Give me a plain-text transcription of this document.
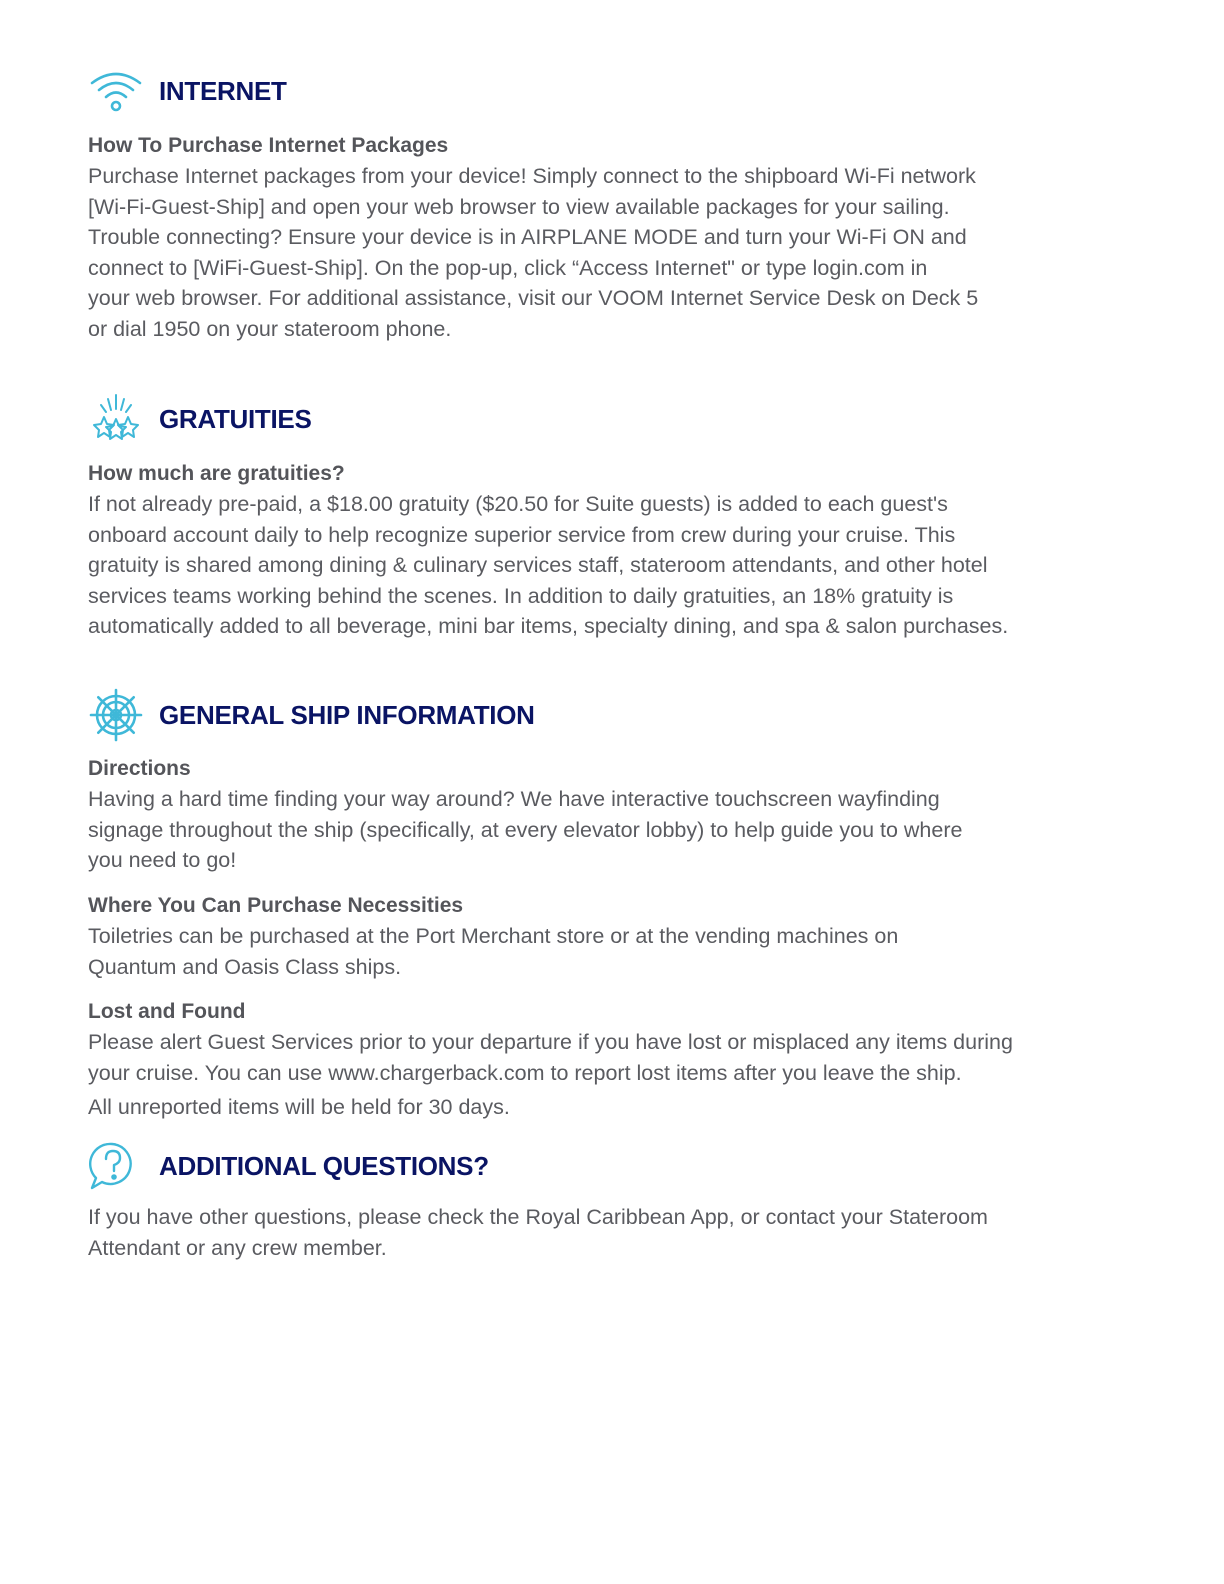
INTERNET

How To Purchase Internet Packages

Purchase Internet packages from your device! Simply connect to the shipboard Wi-Fi network
[Wi-Fi-Guest-Ship] and open your web browser to view available packages for your sailing.
Trouble connecting? Ensure your device is in AIRPLANE MODE and turn your Wi-Fi ON and
connect to [WiFi-Guest-Ship]. On the pop-up, click “Access Internet" or type login.com in
your web browser. For additional assistance, visit our VOOM Internet Service Desk on Deck 5
or dial 1950 on your stateroom phone.

GRATUITIES

How much are gratuities?

If not already pre-paid, a $18.00 gratuity ($20.50 for Suite guests) is added to each guest's
onboard account daily to help recognize superior service from crew during your cruise. This
gratuity is shared among dining & culinary services staff, stateroom attendants, and other hotel
services teams working behind the scenes. In addition to daily gratuities, an 18% gratuity is
automatically added to all beverage, mini bar items, specialty dining, and spa & salon purchases.

GENERAL SHIP INFORMATION

Directions

Having a hard time finding your way around? We have interactive touchscreen wayfinding
signage throughout the ship (specifically, at every elevator lobby) to help guide you to where
you need to go!

Where You Can Purchase Necessities

Toiletries can be purchased at the Port Merchant store or at the vending machines on
Quantum and Oasis Class ships.

Lost and Found

Please alert Guest Services prior to your departure if you have lost or misplaced any items during
your cruise. You can use www.chargerback.com to report lost items after you leave the ship.
All unreported items will be held for 30 days.

ADDITIONAL QUESTIONS?

If you have other questions, please check the Royal Caribbean App, or contact your Stateroom
Attendant or any crew member.
